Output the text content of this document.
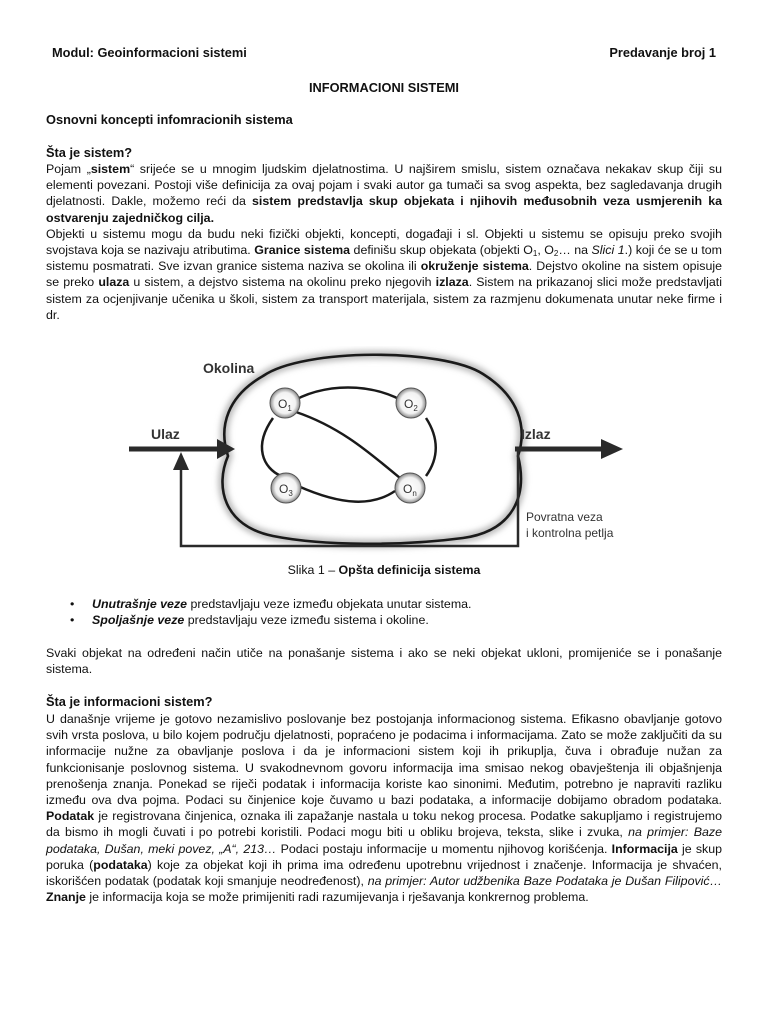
Modul: Geoinformacioni sistemi	Predavanje broj 1
INFORMACIONI SISTEMI
Osnovni koncepti infomracionih sistema
Šta je sistem?

Pojam „sistem“ srijeće se u mnogim ljudskim djelatnostima. U najširem smislu, sistem označava nekakav skup čiji su elementi povezani. Postoji više definicija za ovaj pojam i svaki autor ga tumači sa svog aspekta, bez sagledavanja drugih djelatnosti. Dakle, možemo reći da sistem predstavlja skup objekata i njihovih međusobnih veza usmjerenih ka ostvarenju zajedničkog cilja.

Objekti u sistemu mogu da budu neki fizički objekti, koncepti, događaji i sl. Objekti u sistemu se opisuju preko svojih svojstava koja se nazivaju atributima. Granice sistema definišu skup objekata (objekti $O_1$, $O_2\dots$ na Slici 1.) koji će se u tom sistemu posmatrati. Sve izvan granice sistema naziva se okolina ili okruženje sistema. Dejstvo okoline na sistem opisuje se preko ulaza u sistem, a dejstvo sistema na okolinu preko njegovih izlaza. Sistem na prikazanoj slici može predstavljati sistem za ocjenjivanje učenika u školi, sistem za transport materijala, sistem za razmjenu dokumenata unutar neke firme i dr.

$O_1$	$O_2$
$O_3$	$O_n$
Okolina
Ulaz	Izlaz
Povratna veza
i kontrolna petlja
Slika 1 – Opšta definicija sistema
• Unutrašnje veze predstavljaju veze između objekata unutar sistema.
• Spoljašnje veze predstavljaju veze između sistema i okoline.

Svaki objekat na određeni način utiče na ponašanje sistema i ako se neki objekat ukloni, promijeniće se i ponašanje sistema.

Šta je informacioni sistem?

U današnje vrijeme je gotovo nezamislivo poslovanje bez postojanja informacionog sistema. Efikasno obavljanje gotovo svih vrsta poslova, u bilo kojem području djelatnosti, popraćeno je podacima i informacijama. Zato se može zaključiti da su informacije nužne za obavljanje poslova i da je informacioni sistem koji ih prikuplja, čuva i obrađuje nužan za funkcionisanje poslovnog sistema. U svakodnevnom govoru informacija ima smisao nekog obavještenja ili objašnjenja prenošenja znanja. Ponekad se riječi podatak i informacija koriste kao sinonimi. Međutim, potrebno je napraviti razliku između ova dva pojma. Podaci su činjenice koje čuvamo u bazi podataka, a informacije dobijamo obradom podataka. Podatak je registrovana činjenica, oznaka ili zapažanje nastala u toku nekog procesa. Podatke sakupljamo i registrujemo da bismo ih mogli čuvati i po potrebi koristili. Podaci mogu biti u obliku brojeva, teksta, slike i zvuka, na primjer: Baze podataka, Dušan, meki povez, „A“, 213… Podaci postaju informacije u momentu njihovog korišćenja. Informacija je skup poruka (podataka) koje za objekat koji ih prima ima određenu upotrebnu vrijednost i značenje. Informacija je shvaćen, iskorišćen podatak (podatak koji smanjuje neodređenost), na primjer: Autor udžbenika Baze Podataka je Dušan Filipović… Znanje je informacija koja se može primijeniti radi razumijevanja i rješavanja konkrernog problema.
